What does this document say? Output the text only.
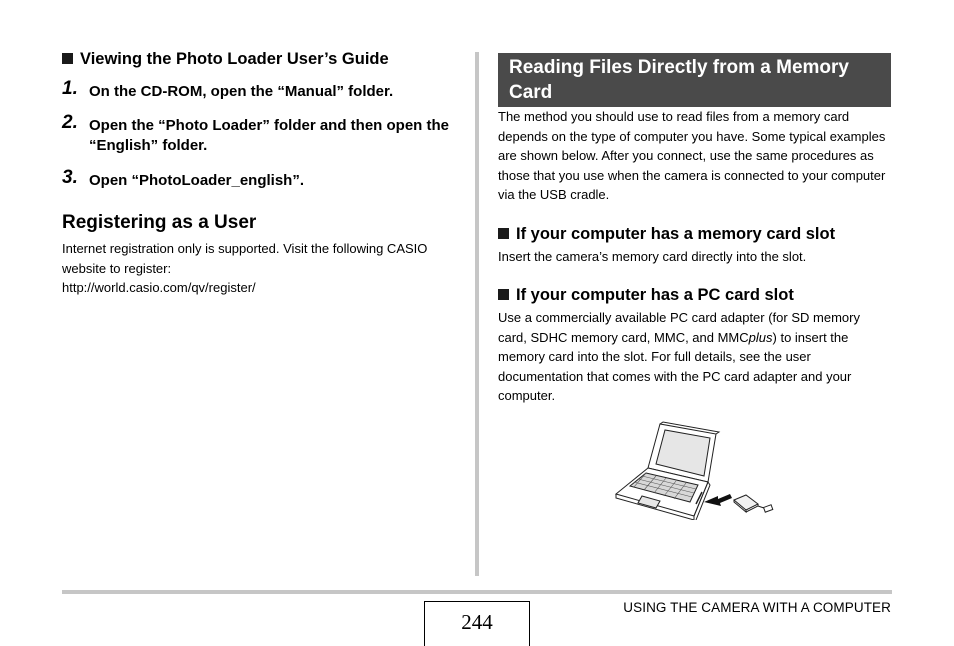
Viewing the Photo Loader User’s Guide
1. On the CD-ROM, open the “Manual” folder.
2. Open the “Photo Loader” folder and then open the “English” folder.
3. Open “PhotoLoader_english”.
Registering as a User
Internet registration only is supported. Visit the following CASIO website to register:
http://world.casio.com/qv/register/
Reading Files Directly from a Memory Card
The method you should use to read files from a memory card depends on the type of computer you have. Some typical examples are shown below. After you connect, use the same procedures as those that you use when the camera is connected to your computer via the USB cradle.
If your computer has a memory card slot
Insert the camera’s memory card directly into the slot.
If your computer has a PC card slot
Use a commercially available PC card adapter (for SD memory card, SDHC memory card, MMC, and MMCplus) to insert the memory card into the slot. For full details, see the user documentation that comes with the PC card adapter and your computer.
244
USING THE CAMERA WITH A COMPUTER
